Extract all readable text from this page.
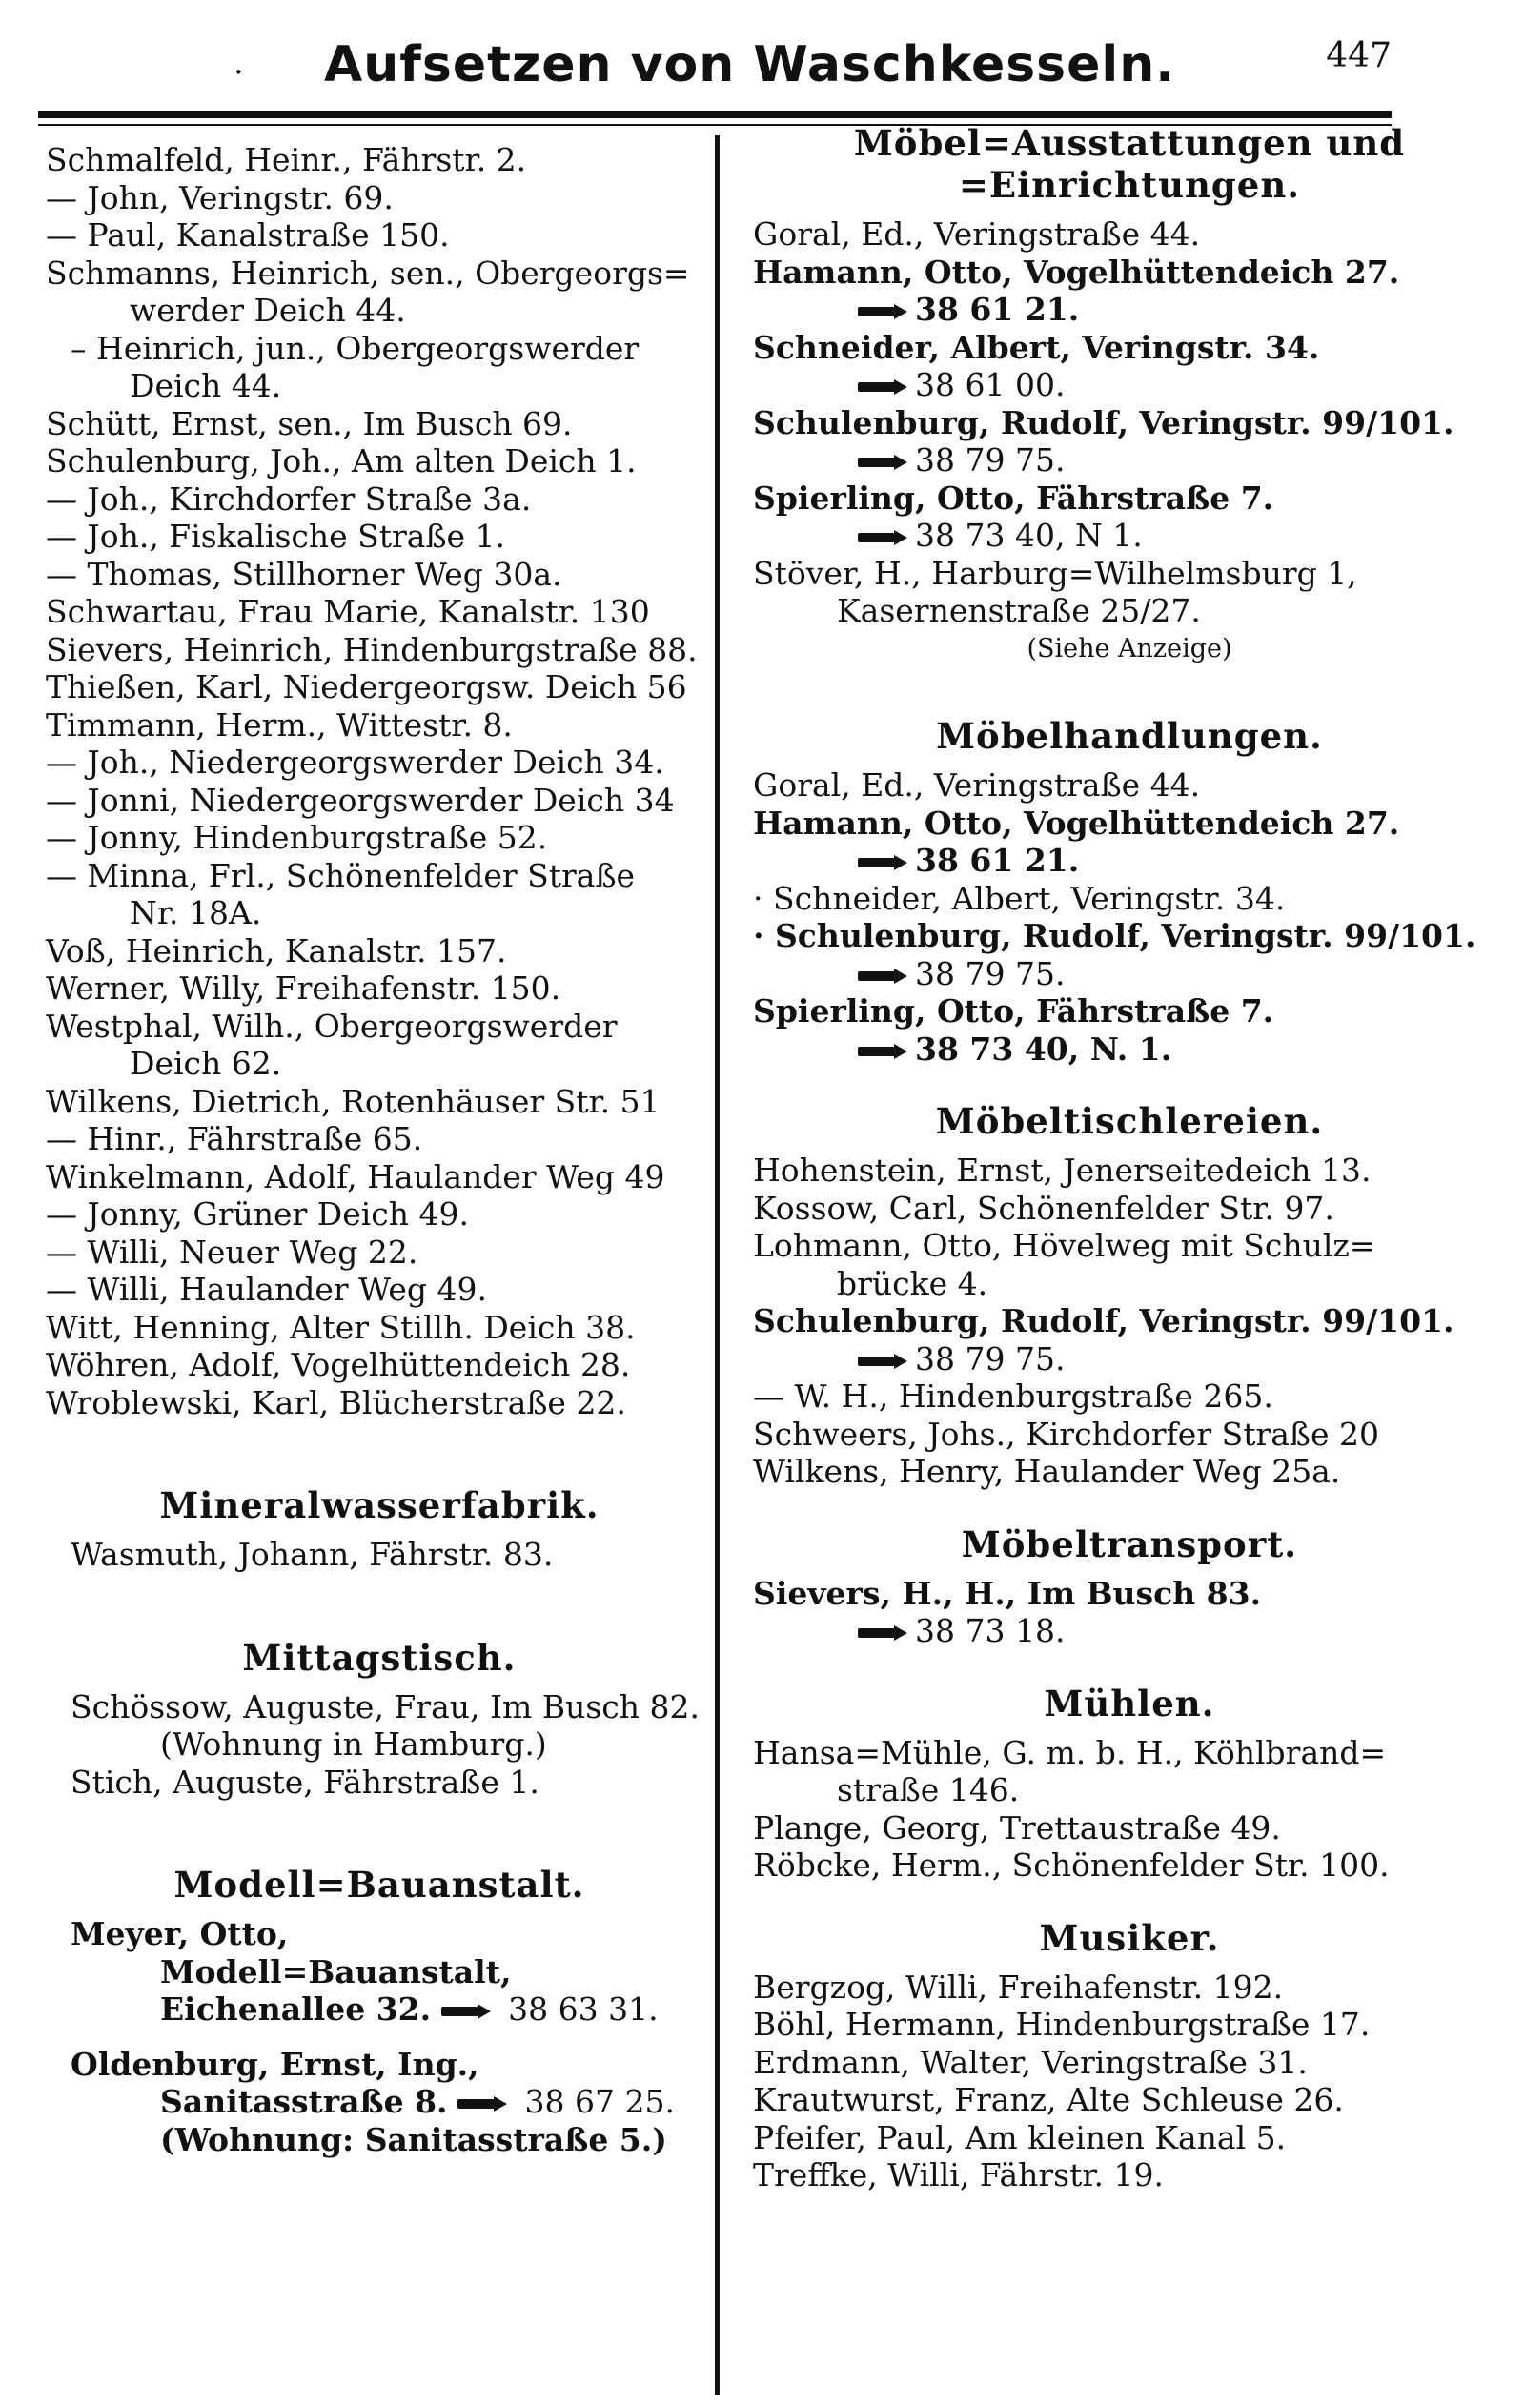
· Aufsetzen von Waschkesseln.	447
Schmalfeld, Heinr., Fährstr. 2.
— John, Veringstr. 69.
— Paul, Kanalstraße 150.
Schmanns, Heinrich, sen., Obergeorgs=
werder Deich 44.
– Heinrich, jun., Obergeorgswerder
Deich 44.
Schütt, Ernst, sen., Im Busch 69.
Schulenburg, Joh., Am alten Deich 1.
— Joh., Kirchdorfer Straße 3a.
— Joh., Fiskalische Straße 1.
— Thomas, Stillhorner Weg 30a.
Schwartau, Frau Marie, Kanalstr. 130
Sievers, Heinrich, Hindenburgstraße 88.
Thießen, Karl, Niedergeorgsw. Deich 56
Timmann, Herm., Wittestr. 8.
— Joh., Niedergeorgswerder Deich 34.
— Jonni, Niedergeorgswerder Deich 34
— Jonny, Hindenburgstraße 52.
— Minna, Frl., Schönenfelder Straße
Nr. 18A.
Voß, Heinrich, Kanalstr. 157.
Werner, Willy, Freihafenstr. 150.
Westphal, Wilh., Obergeorgswerder
Deich 62.
Wilkens, Dietrich, Rotenhäuser Str. 51
— Hinr., Fährstraße 65.
Winkelmann, Adolf, Haulander Weg 49
— Jonny, Grüner Deich 49.
— Willi, Neuer Weg 22.
— Willi, Haulander Weg 49.
Witt, Henning, Alter Stillh. Deich 38.
Wöhren, Adolf, Vogelhüttendeich 28.
Wroblewski, Karl, Blücherstraße 22.
Mineralwasserfabrik.
Wasmuth, Johann, Fährstr. 83.
Mittagstisch.
Schössow, Auguste, Frau, Im Busch 82.
(Wohnung in Hamburg.)
Stich, Auguste, Fährstraße 1.
Modell=Bauanstalt.
Meyer, Otto,
Modell=Bauanstalt,
Eichenallee 32. 38 63 31.
Oldenburg, Ernst, Ing.,
Sanitasstraße 8. 38 67 25.
(Wohnung: Sanitasstraße 5.)
Möbel=Ausstattungen und
=Einrichtungen.
Goral, Ed., Veringstraße 44.
Hamann, Otto, Vogelhüttendeich 27.
38 61 21.
Schneider, Albert, Veringstr. 34.
38 61 00.
Schulenburg, Rudolf, Veringstr. 99/101.
38 79 75.
Spierling, Otto, Fährstraße 7.
38 73 40, N 1.
Stöver, H., Harburg=Wilhelmsburg 1,
Kasernenstraße 25/27.
(Siehe Anzeige)
Möbelhandlungen.
Goral, Ed., Veringstraße 44.
Hamann, Otto, Vogelhüttendeich 27.
38 61 21.
· Schneider, Albert, Veringstr. 34.
· Schulenburg, Rudolf, Veringstr. 99/101.
38 79 75.
Spierling, Otto, Fährstraße 7.
38 73 40, N. 1.
Möbeltischlereien.
Hohenstein, Ernst, Jenerseitedeich 13.
Kossow, Carl, Schönenfelder Str. 97.
Lohmann, Otto, Hövelweg mit Schulz=
brücke 4.
Schulenburg, Rudolf, Veringstr. 99/101.
38 79 75.
— W. H., Hindenburgstraße 265.
Schweers, Johs., Kirchdorfer Straße 20
Wilkens, Henry, Haulander Weg 25a.
Möbeltransport.
Sievers, H., H., Im Busch 83.
38 73 18.
Mühlen.
Hansa=Mühle, G. m. b. H., Köhlbrand=
straße 146.
Plange, Georg, Trettaustraße 49.
Röbcke, Herm., Schönenfelder Str. 100.
Musiker.
Bergzog, Willi, Freihafenstr. 192.
Böhl, Hermann, Hindenburgstraße 17.
Erdmann, Walter, Veringstraße 31.
Krautwurst, Franz, Alte Schleuse 26.
Pfeifer, Paul, Am kleinen Kanal 5.
Treffke, Willi, Fährstr. 19.
